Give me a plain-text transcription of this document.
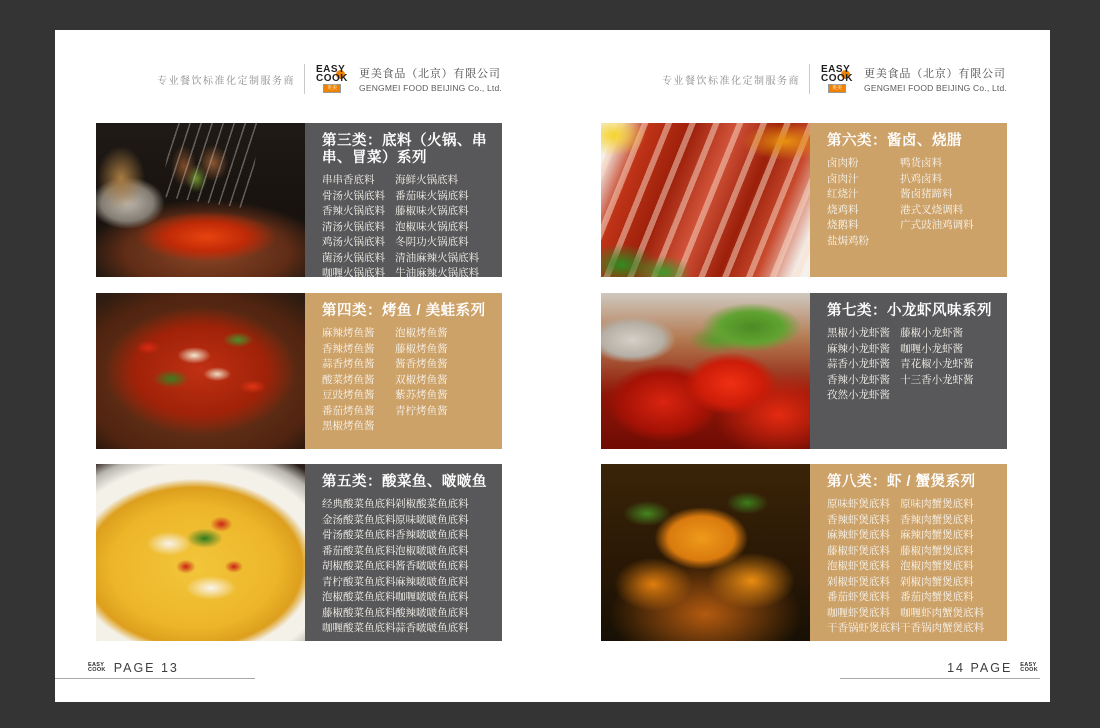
专业餐饮标准化定制服务商
EASY
COOK
更美
更美食品（北京）有限公司
GENGMEI FOOD BEIJING Co., Ltd.
专业餐饮标准化定制服务商
EASY
COOK
更美
更美食品（北京）有限公司
GENGMEI FOOD BEIJING Co., Ltd.
第三类：底料（火锅、串串、冒菜）系列
串串香底料
骨汤火锅底料
香辣火锅底料
清汤火锅底料
鸡汤火锅底料
菌汤火锅底料
咖喱火锅底料
海鲜火锅底料
番茄味火锅底料
藤椒味火锅底料
泡椒味火锅底料
冬阴功火锅底料
清油麻辣火锅底料
牛油麻辣火锅底料
第四类：烤鱼 / 美蛙系列
麻辣烤鱼酱
香辣烤鱼酱
蒜香烤鱼酱
酸菜烤鱼酱
豆豉烤鱼酱
番茄烤鱼酱
黑椒烤鱼酱
泡椒烤鱼酱
藤椒烤鱼酱
酱香烤鱼酱
双椒烤鱼酱
紫苏烤鱼酱
青柠烤鱼酱
第五类：酸菜鱼、啵啵鱼
经典酸菜鱼底料
金汤酸菜鱼底料
骨汤酸菜鱼底料
番茄酸菜鱼底料
胡椒酸菜鱼底料
青柠酸菜鱼底料
泡椒酸菜鱼底料
藤椒酸菜鱼底料
咖喱酸菜鱼底料
剁椒酸菜鱼底料
原味啵啵鱼底料
香辣啵啵鱼底料
泡椒啵啵鱼底料
酱香啵啵鱼底料
麻辣啵啵鱼底料
咖喱啵啵鱼底料
酸辣啵啵鱼底料
蒜香啵啵鱼底料
第六类：酱卤、烧腊
卤肉粉
卤肉汁
红烧汁
烧鸡料
烧鹅料
盐焗鸡粉
鸭货卤料
扒鸡卤料
酱卤猪蹄料
港式叉烧调料
广式豉油鸡调料
第七类：小龙虾风味系列
黑椒小龙虾酱
麻辣小龙虾酱
蒜香小龙虾酱
香辣小龙虾酱
孜然小龙虾酱
藤椒小龙虾酱
咖喱小龙虾酱
青花椒小龙虾酱
十三香小龙虾酱
第八类：虾 / 蟹煲系列
原味虾煲底料
香辣虾煲底料
麻辣虾煲底料
藤椒虾煲底料
泡椒虾煲底料
剁椒虾煲底料
番茄虾煲底料
咖喱虾煲底料
干香锅虾煲底料
原味肉蟹煲底料
香辣肉蟹煲底料
麻辣肉蟹煲底料
藤椒肉蟹煲底料
泡椒肉蟹煲底料
剁椒肉蟹煲底料
番茄肉蟹煲底料
咖喱虾肉蟹煲底料
干香锅肉蟹煲底料
EASY
COOK PAGE 13	14 PAGE EASY
COOK
